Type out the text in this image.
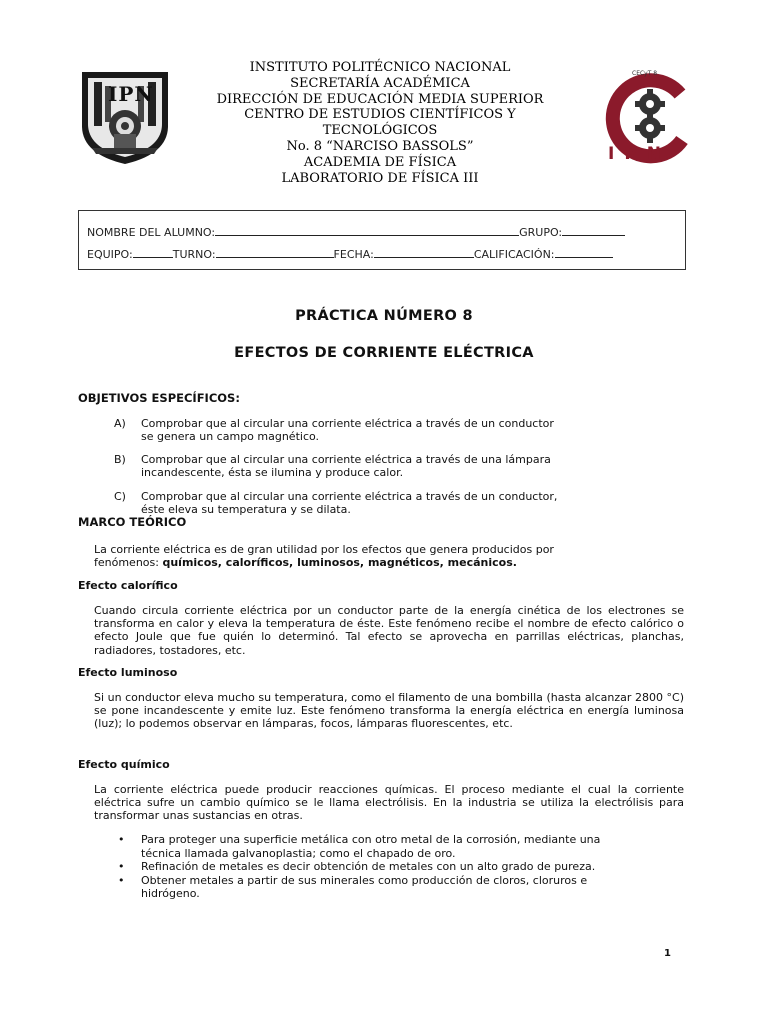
IPN
INSTITUTO POLITÉCNICO NACIONAL
SECRETARÍA ACADÉMICA
DIRECCIÓN DE EDUCACIÓN MEDIA SUPERIOR
CENTRO DE ESTUDIOS CIENTÍFICOS Y
TECNOLÓGICOS
No. 8 “NARCISO BASSOLS”
ACADEMIA DE FÍSICA
LABORATORIO DE FÍSICA III
CECyT 8
IPN
NOMBRE DEL ALUMNO:	GRUPO:
EQUIPO:	TURNO:	FECHA:	CALIFICACIÓN:
PRÁCTICA NÚMERO 8
EFECTOS DE CORRIENTE ELÉCTRICA
OBJETIVOS ESPECÍFICOS:
A) Comprobar que al circular una corriente eléctrica a través de un conductor
se genera un campo magnético.
B) Comprobar que al circular una corriente eléctrica a través de una lámpara
incandescente, ésta se ilumina y produce calor.
C) Comprobar que al circular una corriente eléctrica a través de un conductor,
éste eleva su temperatura y se dilata.
MARCO TEÓRICO
La corriente eléctrica es de gran utilidad por los efectos que genera producidos por
fenómenos: químicos, caloríficos, luminosos, magnéticos, mecánicos.
Efecto calorífico
Cuando circula corriente eléctrica por un conductor parte de la energía cinética de los electrones se transforma en calor y eleva la temperatura de éste. Este fenómeno recibe el nombre de efecto calórico o efecto Joule que fue quién lo determinó. Tal efecto se aprovecha en parrillas eléctricas, planchas, radiadores, tostadores, etc.
Efecto luminoso
Si un conductor eleva mucho su temperatura, como el filamento de una bombilla (hasta alcanzar 2800 °C) se pone incandescente y emite luz. Este fenómeno transforma la energía eléctrica en energía luminosa (luz); lo podemos observar en lámparas, focos, lámparas fluorescentes, etc.
Efecto químico
La corriente eléctrica puede producir reacciones químicas. El proceso mediante el cual la corriente eléctrica sufre un cambio químico se le llama electrólisis. En la industria se utiliza la electrólisis para transformar unas sustancias en otras.
• Para proteger una superficie metálica con otro metal de la corrosión, mediante una
técnica llamada galvanoplastia; como el chapado de oro.
• Refinación de metales es decir obtención de metales con un alto grado de pureza.
• Obtener metales a partir de sus minerales como producción de cloros, cloruros e
hidrógeno.
1
